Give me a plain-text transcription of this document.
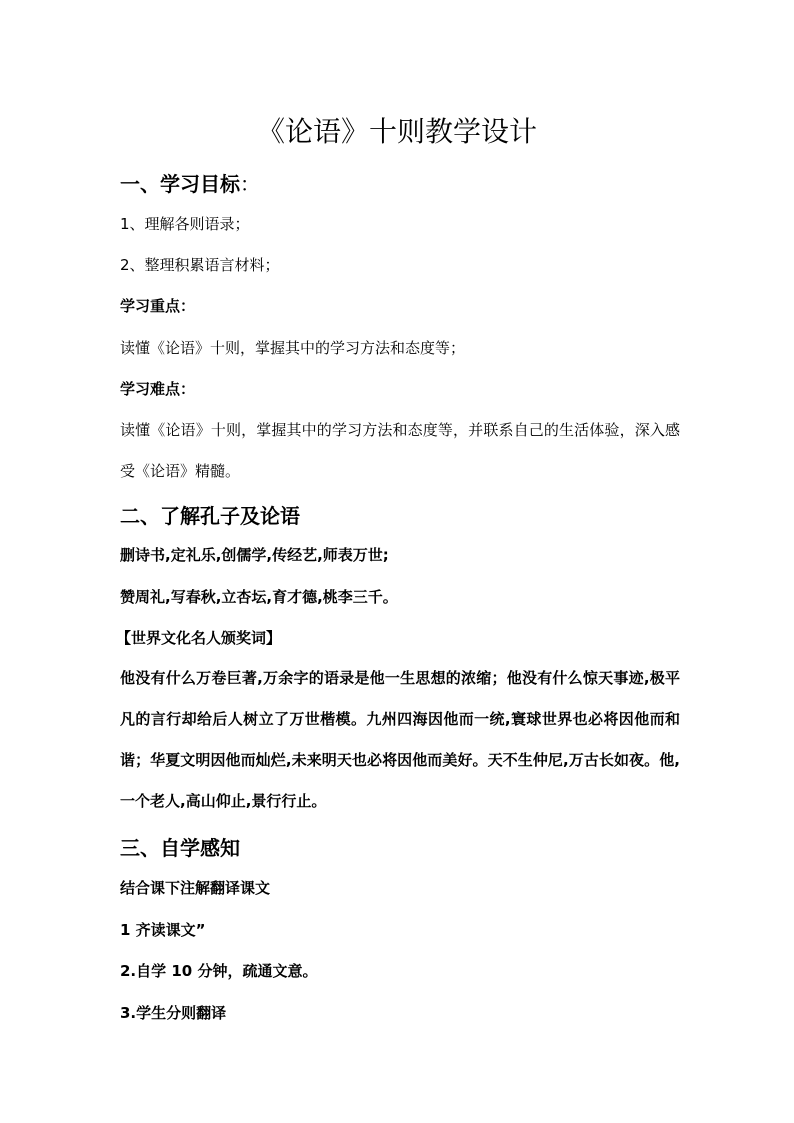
《论语》十则教学设计
一、学习目标：

1、理解各则语录；

2、整理积累语言材料；

学习重点：

读懂《论语》十则，掌握其中的学习方法和态度等；

学习难点：

读懂《论语》十则，掌握其中的学习方法和态度等，并联系自己的生活体验，深入感受《论语》精髓。

二、了解孔子及论语

删诗书,定礼乐,创儒学,传经艺,师表万世;

赞周礼,写春秋,立杏坛,育才德,桃李三千。

【世界文化名人颁奖词】

他没有什么万卷巨著,万余字的语录是他一生思想的浓缩；他没有什么惊天事迹,极平凡的言行却给后人树立了万世楷模。九州四海因他而一统,寰球世界也必将因他而和谐；华夏文明因他而灿烂,未来明天也必将因他而美好。天不生仲尼,万古长如夜。他,一个老人,高山仰止,景行行止。

三、自学感知

结合课下注解翻译课文

1 齐读课文”

2.自学 10 分钟，疏通文意。

3.学生分则翻译
